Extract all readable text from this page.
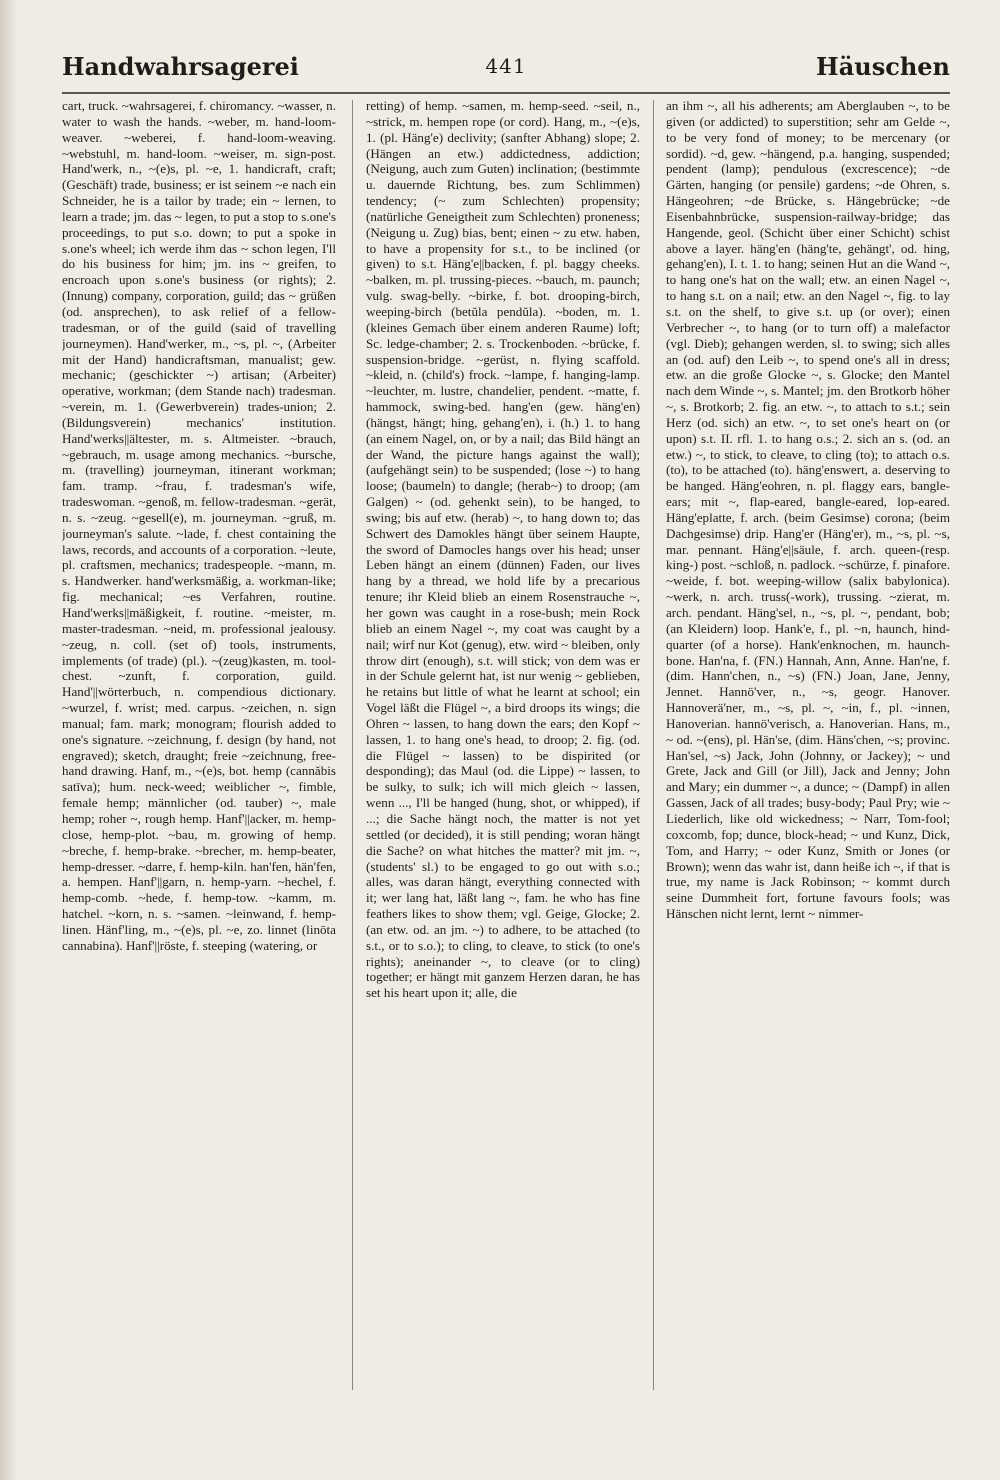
Handwahrsagerei	441	Häuschen

cart, truck. ~wahrsagerei, f. chiromancy. ~wasser, n. water to wash the hands. ~weber, m. hand-loom-weaver. ~weberei, f. hand-loom-weaving. ~webstuhl, m. hand-loom. ~weiser, m. sign-post. Hand'werk, n., ~(e)s, pl. ~e, 1. handicraft, craft; (Geschäft) trade, business; er ist seinem ~e nach ein Schneider, he is a tailor by trade; ein ~ lernen, to learn a trade; jm. das ~ legen, to put a stop to s.one's proceedings, to put s.o. down; to put a spoke in s.one's wheel; ich werde ihm das ~ schon legen, I'll do his business for him; jm. ins ~ greifen, to encroach upon s.one's business (or rights); 2. (Innung) company, corporation, guild; das ~ grüßen (od. ansprechen), to ask relief of a fellow-tradesman, or of the guild (said of travelling journeymen). Hand'werker, m., ~s, pl. ~, (Arbeiter mit der Hand) handicraftsman, manualist; gew. mechanic; (geschickter ~) artisan; (Arbeiter) operative, workman; (dem Stande nach) tradesman. ~verein, m. 1. (Gewerbverein) trades-union; 2. (Bildungsverein) mechanics' institution. Hand'werks||ältester, m. s. Altmeister. ~brauch, ~gebrauch, m. usage among mechanics. ~bursche, m. (travelling) journeyman, itinerant workman; fam. tramp. ~frau, f. tradesman's wife, tradeswoman. ~genoß, m. fellow-tradesman. ~gerät, n. s. ~zeug. ~gesell(e), m. journeyman. ~gruß, m. journeyman's salute. ~lade, f. chest containing the laws, records, and accounts of a corporation. ~leute, pl. craftsmen, mechanics; tradespeople. ~mann, m. s. Handwerker. hand'werksmäßig, a. workman-like; fig. mechanical; ~es Verfahren, routine. Hand'werks||mäßigkeit, f. routine. ~meister, m. master-tradesman. ~neid, m. professional jealousy. ~zeug, n. coll. (set of) tools, instruments, implements (of trade) (pl.). ~(zeug)kasten, m. tool-chest. ~zunft, f. corporation, guild. Hand'||wörterbuch, n. compendious dictionary. ~wurzel, f. wrist; med. carpus. ~zeichen, n. sign manual; fam. mark; monogram; flourish added to one's signature. ~zeichnung, f. design (by hand, not engraved); sketch, draught; freie ~zeichnung, free-hand drawing. Hanf, m., ~(e)s, bot. hemp (cannăbis satīva); hum. neck-weed; weiblicher ~, fimble, female hemp; männlicher (od. tauber) ~, male hemp; roher ~, rough hemp. Hanf'||acker, m. hemp-close, hemp-plot. ~bau, m. growing of hemp. ~breche, f. hemp-brake. ~brecher, m. hemp-beater, hemp-dresser. ~darre, f. hemp-kiln. han'fen, hän'fen, a. hempen. Hanf'||garn, n. hemp-yarn. ~hechel, f. hemp-comb. ~hede, f. hemp-tow. ~kamm, m. hatchel. ~korn, n. s. ~samen. ~leinwand, f. hemp-linen. Hänf'ling, m., ~(e)s, pl. ~e, zo. linnet (linōta cannabina). Hanf'||röste, f. steeping (watering, or

retting) of hemp. ~samen, m. hemp-seed. ~seil, n., ~strick, m. hempen rope (or cord). Hang, m., ~(e)s, 1. (pl. Häng'e) declivity; (sanfter Abhang) slope; 2. (Hängen an etw.) addictedness, addiction; (Neigung, auch zum Guten) inclination; (bestimmte u. dauernde Richtung, bes. zum Schlimmen) tendency; (~ zum Schlechten) propensity; (natürliche Geneigtheit zum Schlechten) proneness; (Neigung u. Zug) bias, bent; einen ~ zu etw. haben, to have a propensity for s.t., to be inclined (or given) to s.t. Häng'e||backen, f. pl. baggy cheeks. ~balken, m. pl. trussing-pieces. ~bauch, m. paunch; vulg. swag-belly. ~birke, f. bot. drooping-birch, weeping-birch (betŭla pendŭla). ~boden, m. 1. (kleines Gemach über einem anderen Raume) loft; Sc. ledge-chamber; 2. s. Trockenboden. ~brücke, f. suspension-bridge. ~gerüst, n. flying scaffold. ~kleid, n. (child's) frock. ~lampe, f. hanging-lamp. ~leuchter, m. lustre, chandelier, pendent. ~matte, f. hammock, swing-bed. hang'en (gew. häng'en) (hängst, hängt; hing, gehang'en), i. (h.) 1. to hang (an einem Nagel, on, or by a nail; das Bild hängt an der Wand, the picture hangs against the wall); (aufgehängt sein) to be suspended; (lose ~) to hang loose; (baumeln) to dangle; (herab~) to droop; (am Galgen) ~ (od. gehenkt sein), to be hanged, to swing; bis auf etw. (herab) ~, to hang down to; das Schwert des Damokles hängt über seinem Haupte, the sword of Damocles hangs over his head; unser Leben hängt an einem (dünnen) Faden, our lives hang by a thread, we hold life by a precarious tenure; ihr Kleid blieb an einem Rosenstrauche ~, her gown was caught in a rose-bush; mein Rock blieb an einem Nagel ~, my coat was caught by a nail; wirf nur Kot (genug), etw. wird ~ bleiben, only throw dirt (enough), s.t. will stick; von dem was er in der Schule gelernt hat, ist nur wenig ~ geblieben, he retains but little of what he learnt at school; ein Vogel läßt die Flügel ~, a bird droops its wings; die Ohren ~ lassen, to hang down the ears; den Kopf ~ lassen, 1. to hang one's head, to droop; 2. fig. (od. die Flügel ~ lassen) to be dispirited (or desponding); das Maul (od. die Lippe) ~ lassen, to be sulky, to sulk; ich will mich gleich ~ lassen, wenn ..., I'll be hanged (hung, shot, or whipped), if ...; die Sache hängt noch, the matter is not yet settled (or decided), it is still pending; woran hängt die Sache? on what hitches the matter? mit jm. ~, (students' sl.) to be engaged to go out with s.o.; alles, was daran hängt, everything connected with it; wer lang hat, läßt lang ~, fam. he who has fine feathers likes to show them; vgl. Geige, Glocke; 2. (an etw. od. an jm. ~) to adhere, to be attached (to s.t., or to s.o.); to cling, to cleave, to stick (to one's rights); aneinander ~, to cleave (or to cling) together; er hängt mit ganzem Herzen daran, he has set his heart upon it; alle, die

an ihm ~, all his adherents; am Aberglauben ~, to be given (or addicted) to superstition; sehr am Gelde ~, to be very fond of money; to be mercenary (or sordid). ~d, gew. ~hängend, p.a. hanging, suspended; pendent (lamp); pendulous (excrescence); ~de Gärten, hanging (or pensile) gardens; ~de Ohren, s. Hängeohren; ~de Brücke, s. Hängebrücke; ~de Eisenbahnbrücke, suspension-railway-bridge; das Hangende, geol. (Schicht über einer Schicht) schist above a layer. häng'en (häng'te, gehängt', od. hing, gehang'en), I. t. 1. to hang; seinen Hut an die Wand ~, to hang one's hat on the wall; etw. an einen Nagel ~, to hang s.t. on a nail; etw. an den Nagel ~, fig. to lay s.t. on the shelf, to give s.t. up (or over); einen Verbrecher ~, to hang (or to turn off) a malefactor (vgl. Dieb); gehangen werden, sl. to swing; sich alles an (od. auf) den Leib ~, to spend one's all in dress; etw. an die große Glocke ~, s. Glocke; den Mantel nach dem Winde ~, s. Mantel; jm. den Brotkorb höher ~, s. Brotkorb; 2. fig. an etw. ~, to attach to s.t.; sein Herz (od. sich) an etw. ~, to set one's heart on (or upon) s.t. II. rfl. 1. to hang o.s.; 2. sich an s. (od. an etw.) ~, to stick, to cleave, to cling (to); to attach o.s. (to), to be attached (to). häng'enswert, a. deserving to be hanged. Häng'eohren, n. pl. flaggy ears, bangle-ears; mit ~, flap-eared, bangle-eared, lop-eared. Häng'eplatte, f. arch. (beim Gesimse) corona; (beim Dachgesimse) drip. Hang'er (Häng'er), m., ~s, pl. ~s, mar. pennant. Häng'e||säule, f. arch. queen-(resp. king-) post. ~schloß, n. padlock. ~schürze, f. pinafore. ~weide, f. bot. weeping-willow (salix babylonica). ~werk, n. arch. truss(-work), trussing. ~zierat, m. arch. pendant. Häng'sel, n., ~s, pl. ~, pendant, bob; (an Kleidern) loop. Hank'e, f., pl. ~n, haunch, hind-quarter (of a horse). Hank'enknochen, m. haunch-bone. Han'na, f. (FN.) Hannah, Ann, Anne. Han'ne, f. (dim. Hann'chen, n., ~s) (FN.) Joan, Jane, Jenny, Jennet. Hannö'ver, n., ~s, geogr. Hanover. Hannoverä'ner, m., ~s, pl. ~, ~in, f., pl. ~innen, Hanoverian. hannö'verisch, a. Hanoverian. Hans, m., ~ od. ~(ens), pl. Hän'se, (dim. Häns'chen, ~s; provinc. Han'sel, ~s) Jack, John (Johnny, or Jackey); ~ und Grete, Jack and Gill (or Jill), Jack and Jenny; John and Mary; ein dummer ~, a dunce; ~ (Dampf) in allen Gassen, Jack of all trades; busy-body; Paul Pry; wie ~ Liederlich, like old wickedness; ~ Narr, Tom-fool; coxcomb, fop; dunce, block-head; ~ und Kunz, Dick, Tom, and Harry; ~ oder Kunz, Smith or Jones (or Brown); wenn das wahr ist, dann heiße ich ~, if that is true, my name is Jack Robinson; ~ kommt durch seine Dummheit fort, fortune favours fools; was Hänschen nicht lernt, lernt ~ nimmer-
